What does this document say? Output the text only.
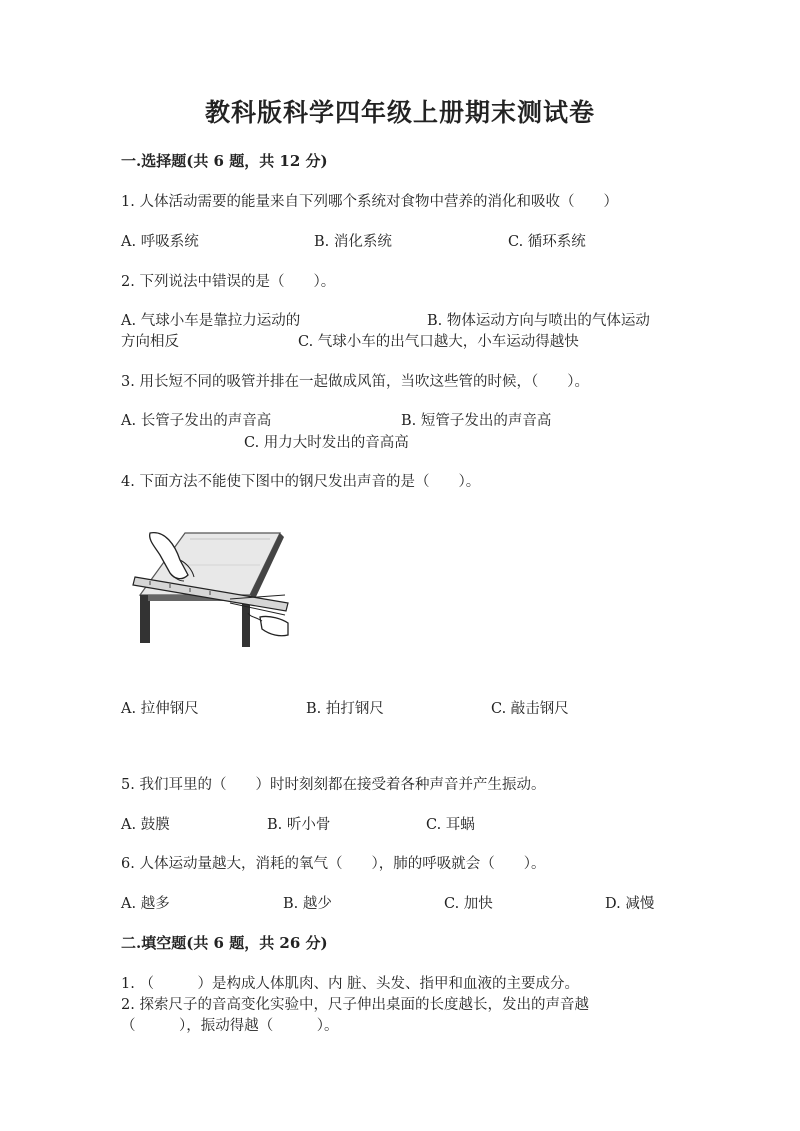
教科版科学四年级上册期末测试卷
一.选择题(共 6 题，共 12 分)
1. 人体活动需要的能量来自下列哪个系统对食物中营养的消化和吸收（　　）
A. 呼吸系统	B. 消化系统	C. 循环系统
2. 下列说法中错误的是（　　）。
A. 气球小车是靠拉力运动的	B. 物体运动方向与喷出的气体运动
方向相反	C. 气球小车的出气口越大，小车运动得越快
3. 用长短不同的吸管并排在一起做成风笛，当吹这些管的时候，（　　）。
A. 长管子发出的声音高	B. 短管子发出的声音高
C. 用力大时发出的音高高
4. 下面方法不能使下图中的钢尺发出声音的是（　　）。
A. 拉伸钢尺	B. 拍打钢尺	C. 敲击钢尺
5. 我们耳里的（　　）时时刻刻都在接受着各种声音并产生振动。
A. 鼓膜	B. 听小骨	C. 耳蜗
6. 人体运动量越大，消耗的氧气（　　），肺的呼吸就会（　　）。
A. 越多	B. 越少	C. 加快	D. 减慢
二.填空题(共 6 题，共 26 分)
1. （　　　）是构成人体肌肉、内 脏、头发、指甲和血液的主要成分。
2. 探索尺子的音高变化实验中，尺子伸出桌面的长度越长，发出的声音越
（　　　），振动得越（　　　）。
